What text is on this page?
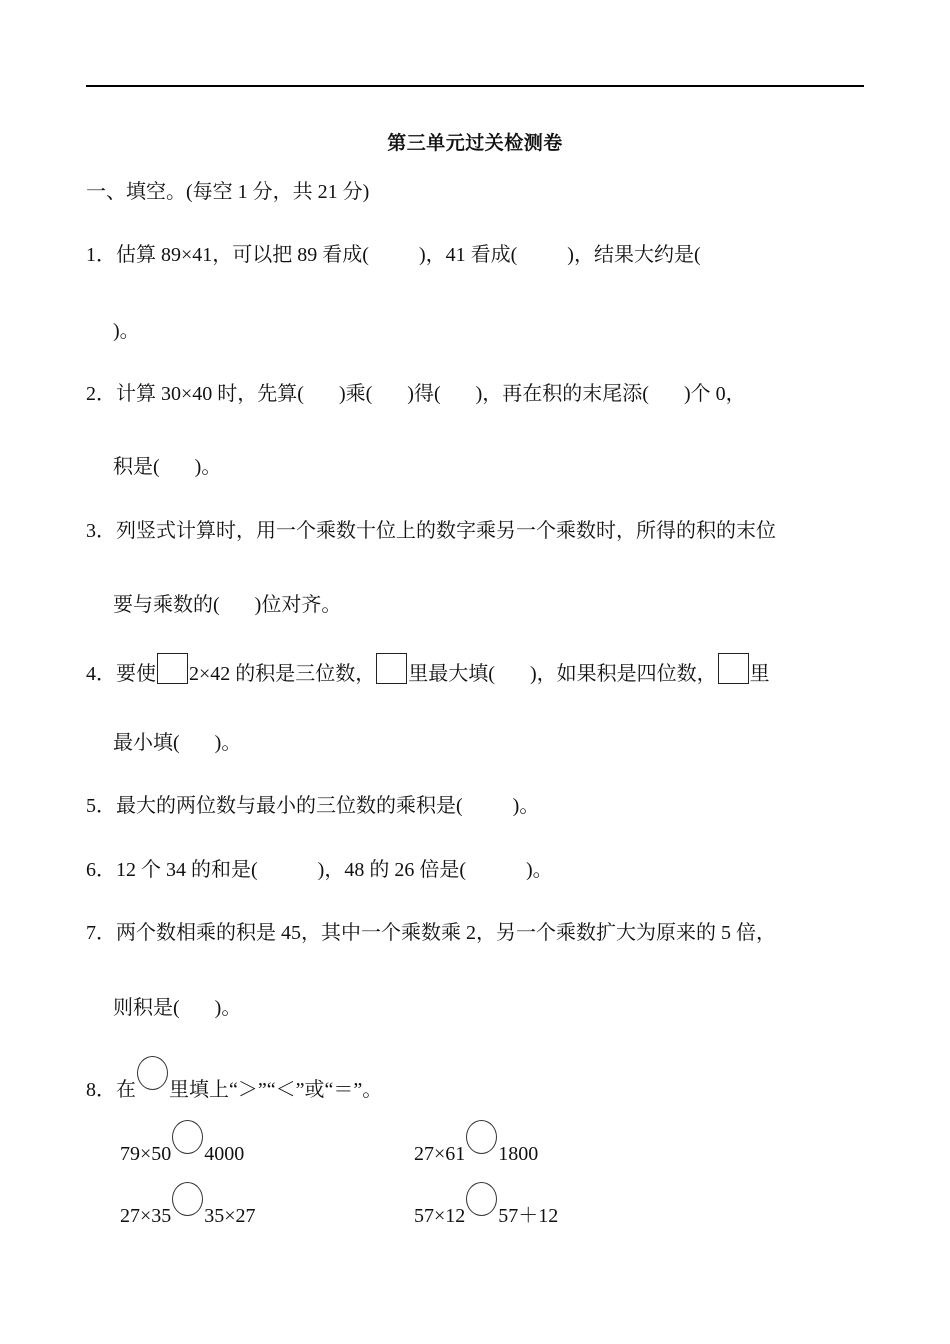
第三单元过关检测卷
一、填空。(每空 1 分，共 21 分)
1．估算 89×41，可以把 89 看成(	)，41 看成(	)，结果大约是(
)。
2．计算 30×40 时，先算( )乘( )得( )，再在积的末尾添( )个 0，
积是( )。
3．列竖式计算时，用一个乘数十位上的数字乘另一个乘数时，所得的积的末位
要与乘数的( )位对齐。
4．要使 2×42 的积是三位数， 里最大填( )，如果积是四位数， 里
最小填( )。
5．最大的两位数与最小的三位数的乘积是(	)。
6．12 个 34 的和是(	)，48 的 26 倍是(	)。
7．两个数相乘的积是 45，其中一个乘数乘 2，另一个乘数扩大为原来的 5 倍，
则积是( )。
8．在 里填上“＞”“＜”或“＝”。
79×50 4000	27×61 1800
27×35 35×27	57×12 57＋12
